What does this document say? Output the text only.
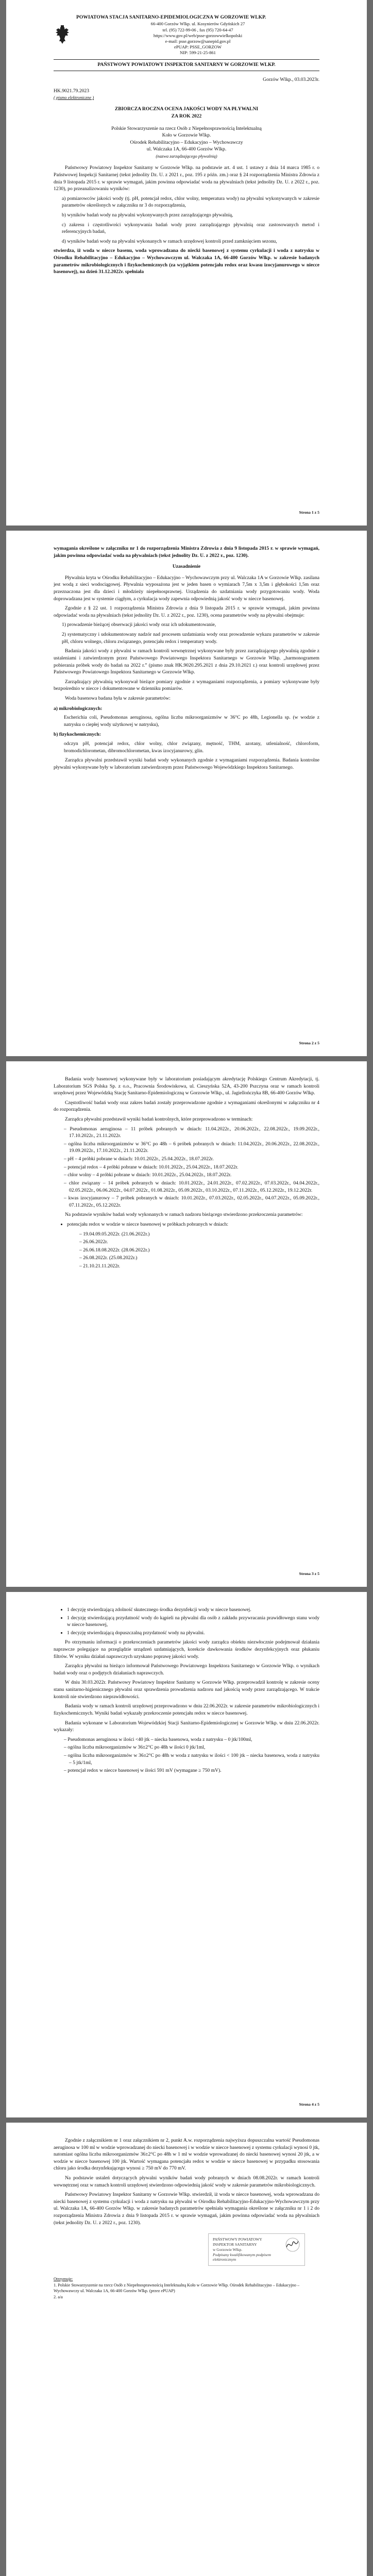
POWIATOWA STACJA SANITARNO-EPIDEMIOLOGICZNA W GORZOWIE WLKP.
66-400 Gorzów Wlkp. ul. Kosynierów Gdyńskich 27
tel. (95) 722-99-06 , fax (95) 720-64-47
https://www.gov.pl/web/psse-gorzowwielkopolski
e-mail: psse.gorzow@sanepid.gov.pl
ePUAP: PSSE_GORZOW
NIP: 599-21-25-861
PAŃSTWOWY POWIATOWY INSPEKTOR SANITARNY W GORZOWIE WLKP.
Gorzów Wlkp., 03.03.2023r.
HK.9021.79.2023
( pismo elektroniczne )
ZBIORCZA ROCZNA OCENA JAKOŚCI WODY NA PŁYWALNI
ZA ROK 2022
Polskie Stowarzyszenie na rzecz Osób z Niepełnosprawnością Intelektualną
Koło w Gorzowie Wlkp.
Ośrodek Rehabilitacyjno – Edukacyjno – Wychowawczy
ul. Walczaka 1A, 66-400 Gorzów Wlkp.
(nazwa zarządzającego pływalnią)

Państwowy Powiatowy Inspektor Sanitarny w Gorzowie Wlkp. na podstawie art. 4 ust. 1 ustawy z dnia 14 marca 1985 r. o Państwowej Inspekcji Sanitarnej (tekst jednolity Dz. U. z 2021 r., poz. 195 z późn. zm.) oraz § 24 rozporządzenia Ministra Zdrowia z dnia 9 listopada 2015 r. w sprawie wymagań, jakim powinna odpowiadać woda na pływalniach (tekst jednolity Dz. U. z 2022 r., poz. 1230), po przeanalizowaniu wyników:

a) pomiarowców jakości wody (tj. pH, potencjał redox, chlor wolny, temperatura wody) na pływalni wykonywanych w zakresie parametrów określonych w załączniku nr 3 do rozporządzenia,

b) wyników badań wody na pływalni wykonywanych przez zarządzającego pływalnią,

c) zakresu i częstotliwości wykonywania badań wody przez zarządzającego pływalnią oraz zastosowanych metod i referencyjnych badań,

d) wyników badań wody na pływalni wykonanych w ramach urzędowej kontroli przed zamknięciem sezonu,

stwierdza, iż woda w niecce basenu, woda wprowadzana do niecki basenowej z systemu cyrkulacji i woda z natrysku w Ośrodku Rehabilitacyjno – Edukacyjno – Wychowawczym ul. Walczaka 1A, 66-400 Gorzów Wlkp. w zakresie badanych parametrów mikrobiologicznych i fizykochemicznych (za wyjątkiem potencjału redox oraz kwasu izocyjanurowego w niecce basenowej), na dzień 31.12.2022r. spełniała

Strona 1 z 5

wymagania określone w załączniku nr 1 do rozporządzenia Ministra Zdrowia z dnia 9 listopada 2015 r. w sprawie wymagań, jakim powinna odpowiadać woda na pływalniach (tekst jednolity Dz. U. z 2022 r., poz. 1230).

Uzasadnienie

Pływalnia kryta w Ośrodku Rehabilitacyjno – Edukacyjno – Wychowawczym przy ul. Walczaka 1A w Gorzowie Wlkp. zasilana jest wodą z sieci wodociągowej. Pływalnia wyposażona jest w jeden basen o wymiarach 7,5m x 3,5m i głębokości 1,5m oraz przeznaczona jest dla dzieci i młodzieży niepełnosprawnej. Urządzenia do uzdatniania wody przygotowaniu wody. Woda doprowadzana jest w systemie ciągłym, a cyrkulacja wody zapewnia odpowiednią jakość wody w niecce basenowej.

Zgodnie z § 22 ust. 1 rozporządzenia Ministra Zdrowia z dnia 9 listopada 2015 r. w sprawie wymagań, jakim powinna odpowiadać woda na pływalniach (tekst jednolity Dz. U. z 2022 r., poz. 1230), ocena parametrów wody na pływalni obejmuje:

1) prowadzenie bieżącej obserwacji jakości wody oraz ich udokumentowanie,

2) systematyczny i udokumentowany nadzór nad procesem uzdatniania wody oraz prowadzenie wykazu parametrów w zakresie pH, chloru wolnego, chloru związanego, potencjału redox i temperatury wody.

Badania jakości wody z pływalni w ramach kontroli wewnętrznej wykonywane były przez zarządzającego pływalnią zgodnie z ustaleniami i zatwierdzonym przez Państwowego Powiatowego Inspektora Sanitarnego w Gorzowie Wlkp. „harmonogramem pobierania próbek wody do badań na 2022 r.” (pismo znak HK.9020.295.2021 z dnia 29.10.2021 r.) oraz kontroli urzędowej przez Państwowego Powiatowego Inspektora Sanitarnego w Gorzowie Wlkp.

Zarządzający pływalnią wykonywał bieżące pomiary zgodnie z wymaganiami rozporządzenia, a pomiary wykonywane były bezpośrednio w niecce i dokumentowane w dzienniku pomiarów.

Woda basenowa badana była w zakresie parametrów:

a) mikrobiologicznych:

Escherichia coli, Pseudomonas aeruginosa, ogólna liczba mikroorganizmów w 36°C po 48h, Legionella sp. (w wodzie z natrysku o ciepłej wody użytkowej w natrysku),

b) fizykochemicznych:

odczyn pH, potencjał redox, chlor wolny, chlor związany, mętność, THM, azotany, utlenialność, chloroform, bromodichlorometan, dibromochlorometan, kwas izocyjanurowy, glin.

Zarządca pływalni przedstawił wyniki badań wody wykonanych zgodnie z wymaganiami rozporządzenia. Badania kontrolne pływalni wykonywane były w laboratorium zatwierdzonym przez Państwowego Wojewódzkiego Inspektora Sanitarnego.

Strona 2 z 5

Badania wody basenowej wykonywane były w laboratorium posiadającym akredytację Polskiego Centrum Akredytacji, tj. Laboratorium SGS Polska Sp. z o.o., Pracownia Środowiskowa, ul. Cieszyńska 52A, 43-200 Pszczyna oraz w ramach kontroli urzędowej przez Wojewódzką Stację Sanitarno-Epidemiologiczną w Gorzowie Wlkp., ul. Jagiellończyka 8B, 66-400 Gorzów Wlkp.

Częstotliwość badań wody oraz zakres badań zostały przeprowadzone zgodnie z wymaganiami określonymi w załączniku nr 4 do rozporządzenia.

Zarządca pływalni przedstawił wyniki badań kontrolnych, które przeprowadzono w terminach:

– Pseudomonas aeruginosa – 11 próbek pobranych w dniach: 11.04.2022r., 20.06.2022r., 22.08.2022r., 19.09.2022r., 17.10.2022r., 21.11.2022r.
– ogólna liczba mikroorganizmów w 36°C po 48h – 6 próbek pobranych w dniach: 11.04.2022r., 20.06.2022r., 22.08.2022r., 19.09.2022r., 17.10.2022r., 21.11.2022r.
– pH – 4 próbki pobrane w dniach: 10.01.2022r., 25.04.2022r., 18.07.2022r.
– potencjał redox – 4 próbki pobrane w dniach: 10.01.2022r., 25.04.2022r., 18.07.2022r.
– chlor wolny – 4 próbki pobrane w dniach: 10.01.2022r., 25.04.2022r., 18.07.2022r.
– chlor związany – 14 próbek pobranych w dniach: 10.01.2022r., 24.01.2022r., 07.02.2022r., 07.03.2022r., 04.04.2022r., 02.05.2022r., 06.06.2022r., 04.07.2022r., 01.08.2022r., 05.09.2022r., 03.10.2022r., 07.11.2022r., 05.12.2022r., 19.12.2022r.
– kwas izocyjanurowy – 7 próbek pobranych w dniach: 10.01.2022r., 07.03.2022r., 02.05.2022r., 04.07.2022r., 05.09.2022r., 07.11.2022r., 05.12.2022r.

Na podstawie wyników badań wody wykonanych w ramach nadzoru bieżącego stwierdzono przekroczenia parametrów:

• potencjału redox w wodzie w niecce basenowej w próbkach pobranych w dniach:
– 19.04.09.05.2022r. (21.06.2022r.)
– 26.06.2022r.
– 26.06.18.08.2022r. (28.06.2022r.)
– 26.08.2022r. (25.08.2022r.)
– 21.10.21.11.2022r.
Strona 3 z 5
• 1 decyzję stwierdzającą zdolność skutecznego środka dezynfekcji wody w niecce basenowej.
• 1 decyzję stwierdzającą przydatność wody do kąpieli na pływalni dla osób z zakładu przywracania prawidłowego stanu wody w niecce basenowej,
• 1 decyzję stwierdzającą dopuszczalną przydatność wody na pływalni.

Po otrzymaniu informacji o przekroczeniach parametrów jakości wody zarządca obiektu niezwłocznie podejmował działania naprawcze polegające na przeglądzie urządzeń uzdatniających, korekcie dawkowania środków dezynfekcyjnych oraz płukaniu filtrów. W wyniku działań naprawczych uzyskano poprawę jakości wody.

Zarządca pływalni na bieżąco informował Państwowego Powiatowego Inspektora Sanitarnego w Gorzowie Wlkp. o wynikach badań wody oraz o podjętych działaniach naprawczych.

W dniu 30.03.2022r. Państwowy Powiatowy Inspektor Sanitarny w Gorzowie Wlkp. przeprowadził kontrolę w zakresie oceny stanu sanitarno-higienicznego pływalni oraz sprawdzenia prowadzenia nadzoru nad jakością wody przez zarządzającego. W trakcie kontroli nie stwierdzono nieprawidłowości.

Badania wody w ramach kontroli urzędowej przeprowadzono w dniu 22.06.2022r. w zakresie parametrów mikrobiologicznych i fizykochemicznych. Wyniki badań wykazały przekroczenie potencjału redox w niecce basenowej.

Badania wykonane w Laboratorium Wojewódzkiej Stacji Sanitarno-Epidemiologicznej w Gorzowie Wlkp. w dniu 22.06.2022r. wykazały:

– Pseudomonas aeruginosa w ilości <40 jtk – niecka basenowa, woda z natrysku – 0 jtk/100ml,
– ogólna liczba mikroorganizmów w 36±2°C po 48h w ilości 0 jtk/1ml,
– ogólna liczba mikroorganizmów w 36±2°C po 48h w woda z natrysku w ilości < 100 jtk – niecka basenowa, woda z natrysku – 5 jtk/1ml,
– potencjał redox w niecce basenowej w ilości 591 mV (wymagane ≥ 750 mV).
Strona 4 z 5

Zgodnie z załącznikiem nr 1 oraz załącznikiem nr 2, punkt A.w. rozporządzenia najwyższa dopuszczalna wartość Pseudomonas aeruginosa w 100 ml w wodzie wprowadzanej do niecki basenowej i w wodzie w niecce basenowej z systemu cyrkulacji wynosi 0 jtk, natomiast ogólna liczba mikroorganizmów 36±2°C po 48h w 1 ml w wodzie wprowadzanej do niecki basenowej wynosi 20 jtk, a w wodzie w niecce basenowej 100 jtk. Wartość wymagana potencjału redox w wodzie w niecce basenowej w przypadku stosowania chloru jako środka dezynfekującego wynosi ≥ 750 mV do 770 mV.

Na podstawie ustaleń dotyczących pływalni wyników badań wody pobranych w dniach 08.08.2022r. w ramach kontroli wewnętrznej oraz w ramach kontroli urzędowej stwierdzono odpowiednią jakość wody w zakresie parametrów mikrobiologicznych.

Państwowy Powiatowy Inspektor Sanitarny w Gorzowie Wlkp. stwierdził, iż woda w niecce basenowej, woda wprowadzana do niecki basenowej z systemu cyrkulacji i woda z natrysku na pływalni w Ośrodku Rehabilitacyjno-Edukacyjno-Wychowawczym przy ul. Walczaka 1A, 66-400 Gorzów Wlkp. w zakresie badanych parametrów spełniała wymagania określone w załączniku nr 1 i 2 do rozporządzenia Ministra Zdrowia z dnia 9 listopada 2015 r. w sprawie wymagań, jakim powinna odpowiadać woda na pływalniach (tekst jednolity Dz. U. z 2022 r., poz. 1230).

PAŃSTWOWY POWIATOWY
INSPEKTOR SANITARNY
w Gorzowie Wlkp.
Podpisany kwalifikowanym podpisem elektronicznym
Otrzymuje:
1. Polskie Stowarzyszenie na rzecz Osób z Niepełnosprawnością Intelektualną Koło w Gorzowie Wlkp. Ośrodek Rehabilitacyjno – Edukacyjno – Wychowawczy ul. Walczaka 1A, 66-400 Gorzów Wlkp. (przez ePUAP)
2. a/a
